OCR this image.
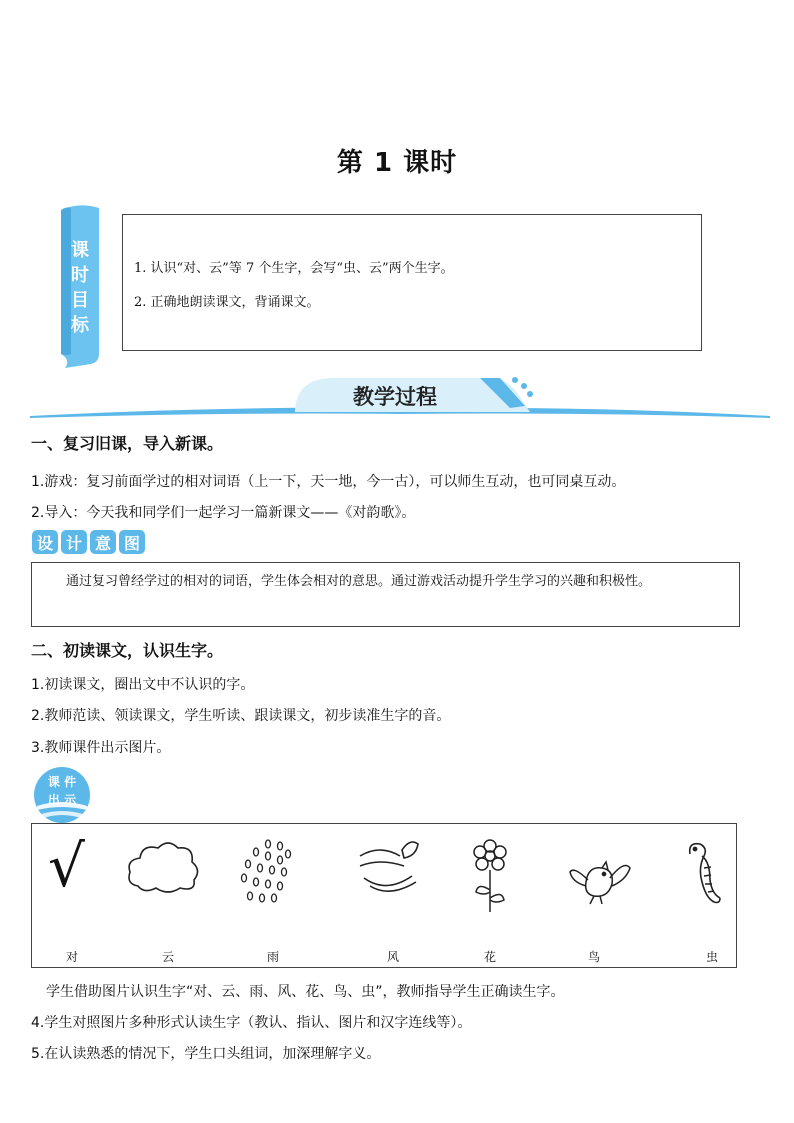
第 1 课时
课
时
目
标
1. 认识“对、云”等 7 个生字，会写“虫、云”两个生字。
2. 正确地朗读课文，背诵课文。
教学过程
一、复习旧课，导入新课。
1.游戏：复习前面学过的相对词语（上一下，天一地，今一古），可以师生互动，也可同桌互动。
2.导入：今天我和同学们一起学习一篇新课文——《对韵歌》。
设 计 意 图
通过复习曾经学过的相对的词语，学生体会相对的意思。通过游戏活动提升学生学习的兴趣和积极性。
二、初读课文，认识生字。
1.初读课文，圈出文中不认识的字。
2.教师范读、领读课文，学生听读、跟读课文，初步读准生字的音。
3.教师课件出示图片。
课 件
出 示
√
对	云	雨	风	花	鸟	虫
学生借助图片认识生字“对、云、雨、风、花、鸟、虫”，教师指导学生正确读生字。
4.学生对照图片多种形式认读生字（教认、指认、图片和汉字连线等）。
5.在认读熟悉的情况下，学生口头组词，加深理解字义。
